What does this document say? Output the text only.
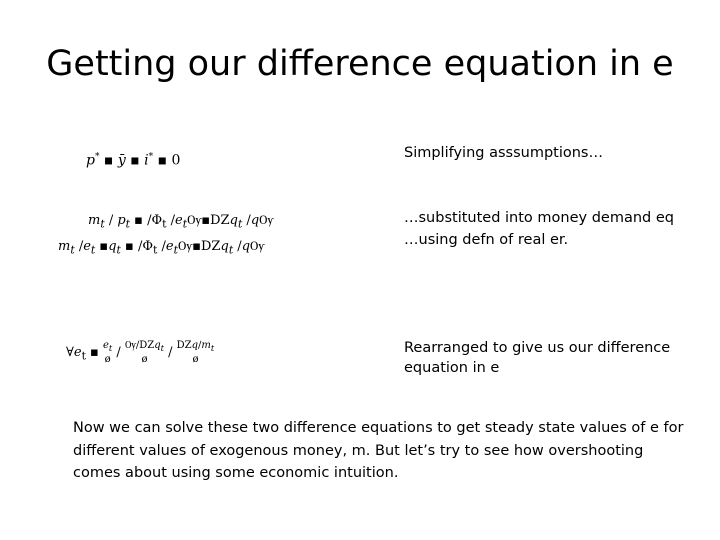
Getting our difference equation in e
p* ▪ ȳ ▪ i* ▪ 0
$m_t$ ∕ $p_t$ ▪ $∕\Phi_t$ $∕e_tѸ▪Ǳq_t$ ∕qѸ
$m_t$ $∕e_t$ $▪q_t$ ▪ $∕\Phi_t$ $∕e_tѸ▪Ǳq_t$ ∕qѸ
$\forall e_t$ ▪ $e_t$
ø ∕ $Ѹ∕Ǳq_t$
ø ∕ $Ǳq∕m_t$
ø
Simplifying asssumptions…
…substituted into money demand eq
…using defn of real er.
Rearranged to give us our difference equation in e
Now we can solve these two difference equations to get steady state values of e for different values of exogenous money, m. But let’s try to see how overshooting comes about using some economic intuition.
